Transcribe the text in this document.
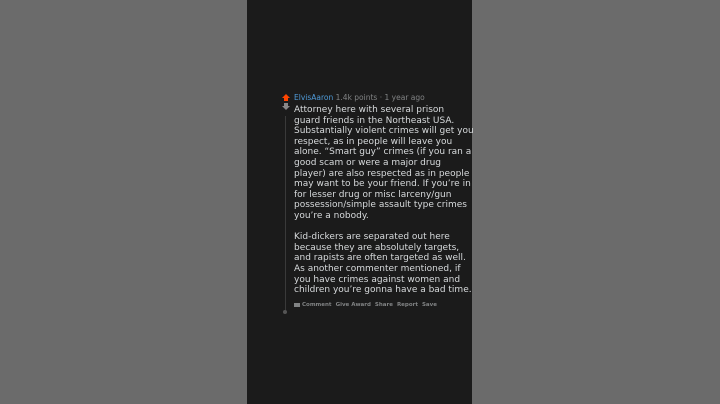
ElvisAaron 1.4k points · 1 year ago
Attorney here with several prison
guard friends in the Northeast USA.
Substantially violent crimes will get you
respect, as in people will leave you
alone. “Smart guy” crimes (if you ran a
good scam or were a major drug
player) are also respected as in people
may want to be your friend. If you’re in
for lesser drug or misc larceny/gun
possession/simple assault type crimes
you’re a nobody.
Kid-dickers are separated out here
because they are absolutely targets,
and rapists are often targeted as well.
As another commenter mentioned, if
you have crimes against women and
children you’re gonna have a bad time.
Comment Give Award Share Report Save
